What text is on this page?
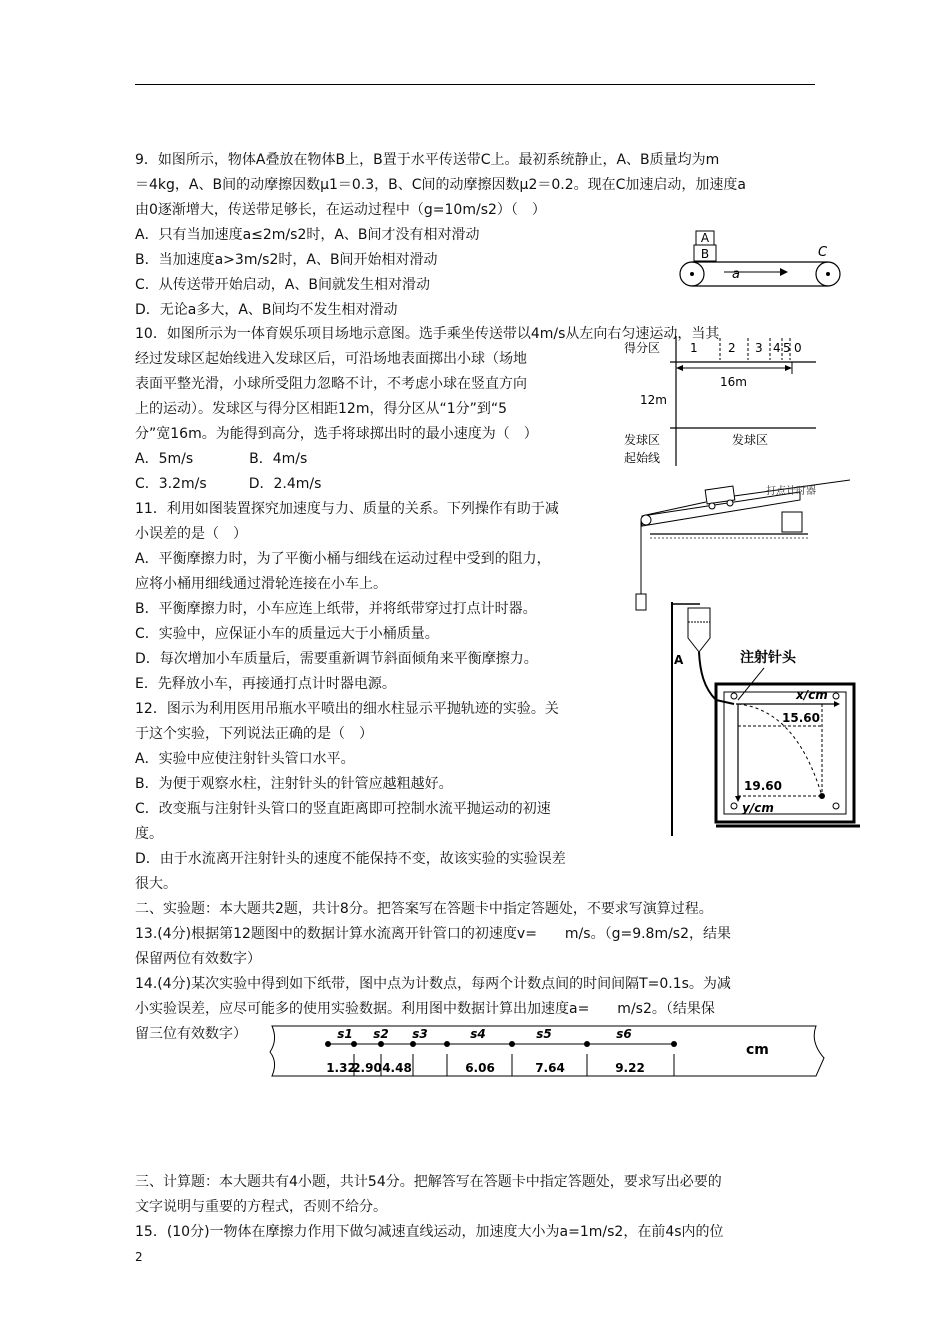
9．如图所示，物体A叠放在物体B上，B置于水平传送带C上。最初系统静止，A、B质量均为m
＝4kg，A、B间的动摩擦因数μ1＝0.3，B、C间的动摩擦因数μ2＝0.2。现在C加速启动，加速度a
由0逐渐增大，传送带足够长，在运动过程中（g=10m/s2）（　）
A．只有当加速度a≤2m/s2时，A、B间才没有相对滑动
B．当加速度a>3m/s2时，A、B间开始相对滑动
C．从传送带开始启动，A、B间就发生相对滑动
D．无论a多大，A、B间均不发生相对滑动
10．如图所示为一体育娱乐项目场地示意图。选手乘坐传送带以4m/s从左向右匀速运动，当其
经过发球区起始线进入发球区后，可沿场地表面掷出小球（场地
表面平整光滑，小球所受阻力忽略不计，不考虑小球在竖直方向
上的运动）。发球区与得分区相距12m，得分区从“1分”到“5
分”宽16m。为能得到高分，选手将球掷出时的最小速度为（　）
A．5m/s　　　　B．4m/s
C．3.2m/s　　　D．2.4m/s
11．利用如图装置探究加速度与力、质量的关系。下列操作有助于减
小误差的是（　）
A．平衡摩擦力时，为了平衡小桶与细线在运动过程中受到的阻力，
应将小桶用细线通过滑轮连接在小车上。
B．平衡摩擦力时，小车应连上纸带，并将纸带穿过打点计时器。
C．实验中，应保证小车的质量远大于小桶质量。
D．每次增加小车质量后，需要重新调节斜面倾角来平衡摩擦力。
E．先释放小车，再接通打点计时器电源。
12．图示为利用医用吊瓶水平喷出的细水柱显示平抛轨迹的实验。关
于这个实验，下列说法正确的是（　）
A．实验中应使注射针头管口水平。
B．为便于观察水柱，注射针头的针管应越粗越好。
C．改变瓶与注射针头管口的竖直距离即可控制水流平抛运动的初速
度。
D．由于水流离开注射针头的速度不能保持不变，故该实验的实验误差
很大。
二、实验题：本大题共2题，共计8分。把答案写在答题卡中指定答题处，不要求写演算过程。
13.(4分)根据第12题图中的数据计算水流离开针管口的初速度v=　　m/s。（g=9.8m/s2，结果
保留两位有效数字）
14.(4分)某次实验中得到如下纸带，图中点为计数点，每两个计数点间的时间间隔T=0.1s。为减
小实验误差，应尽可能多的使用实验数据。利用图中数据计算出加速度a=　　m/s2。（结果保
留三位有效数字）
三、计算题：本大题共有4小题，共计54分。把解答写在答题卡中指定答题处，要求写出必要的
文字说明与重要的方程式，否则不给分。
15．(10分)一物体在摩擦力作用下做匀减速直线运动，加速度大小为a=1m/s2，在前4s内的位
A
B	C
a
得分区 1	2 3 4 5 0
16m
12m
发球区
起始线
发球区
打点计时器
A	注射针头
x/cm
y/cm
15.60
19.60
s1 s2 s3	s4	s5	s6
1.32
2.90 4.48	6.06	7.64	9.22
cm
2
